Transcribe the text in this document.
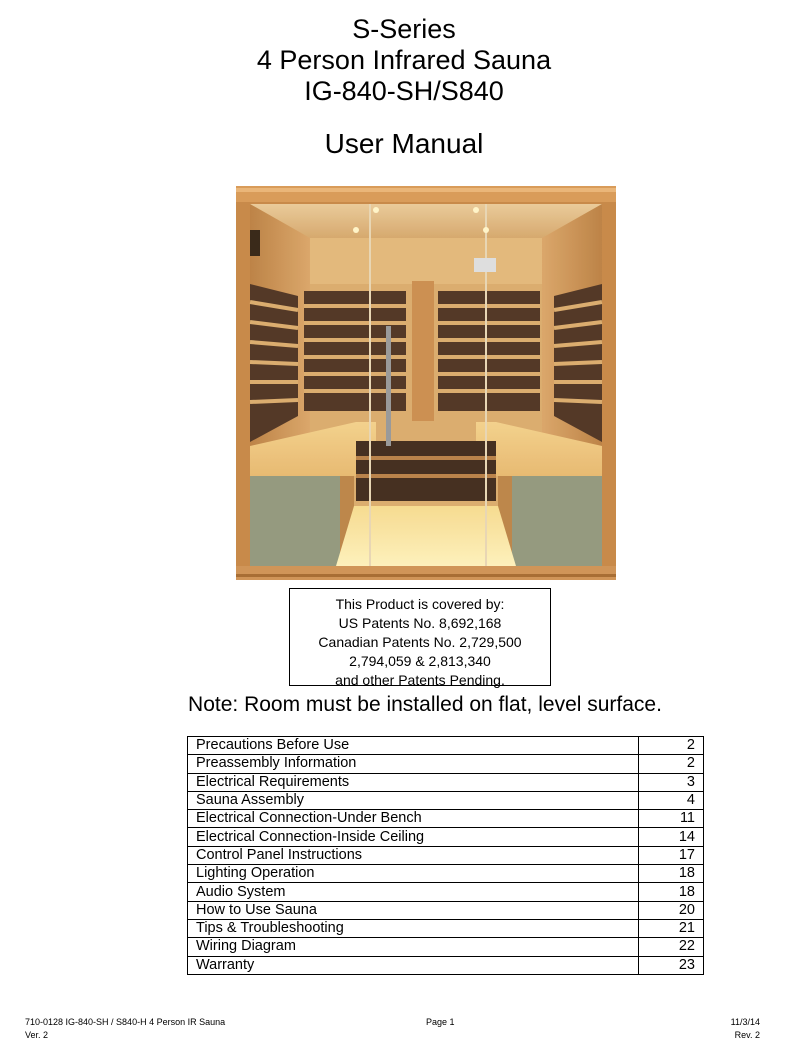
S-Series
4 Person Infrared Sauna
IG-840-SH/S840
User Manual
This Product is covered by:
US Patents No. 8,692,168
Canadian Patents No. 2,729,500
2,794,059 & 2,813,340
and other Patents Pending.
Note: Room must be installed on flat, level surface.
Precautions Before Use	2
Preassembly Information	2
Electrical Requirements	3
Sauna Assembly	4
Electrical Connection-Under Bench	11
Electrical Connection-Inside Ceiling	14
Control Panel Instructions	17
Lighting Operation	18
Audio System	18
How to Use Sauna	20
Tips & Troubleshooting	21
Wiring Diagram	22
Warranty	23
710-0128 IG-840-SH / S840-H 4 Person IR Sauna
Ver. 2
Page 1	11/3/14
Rev. 2
